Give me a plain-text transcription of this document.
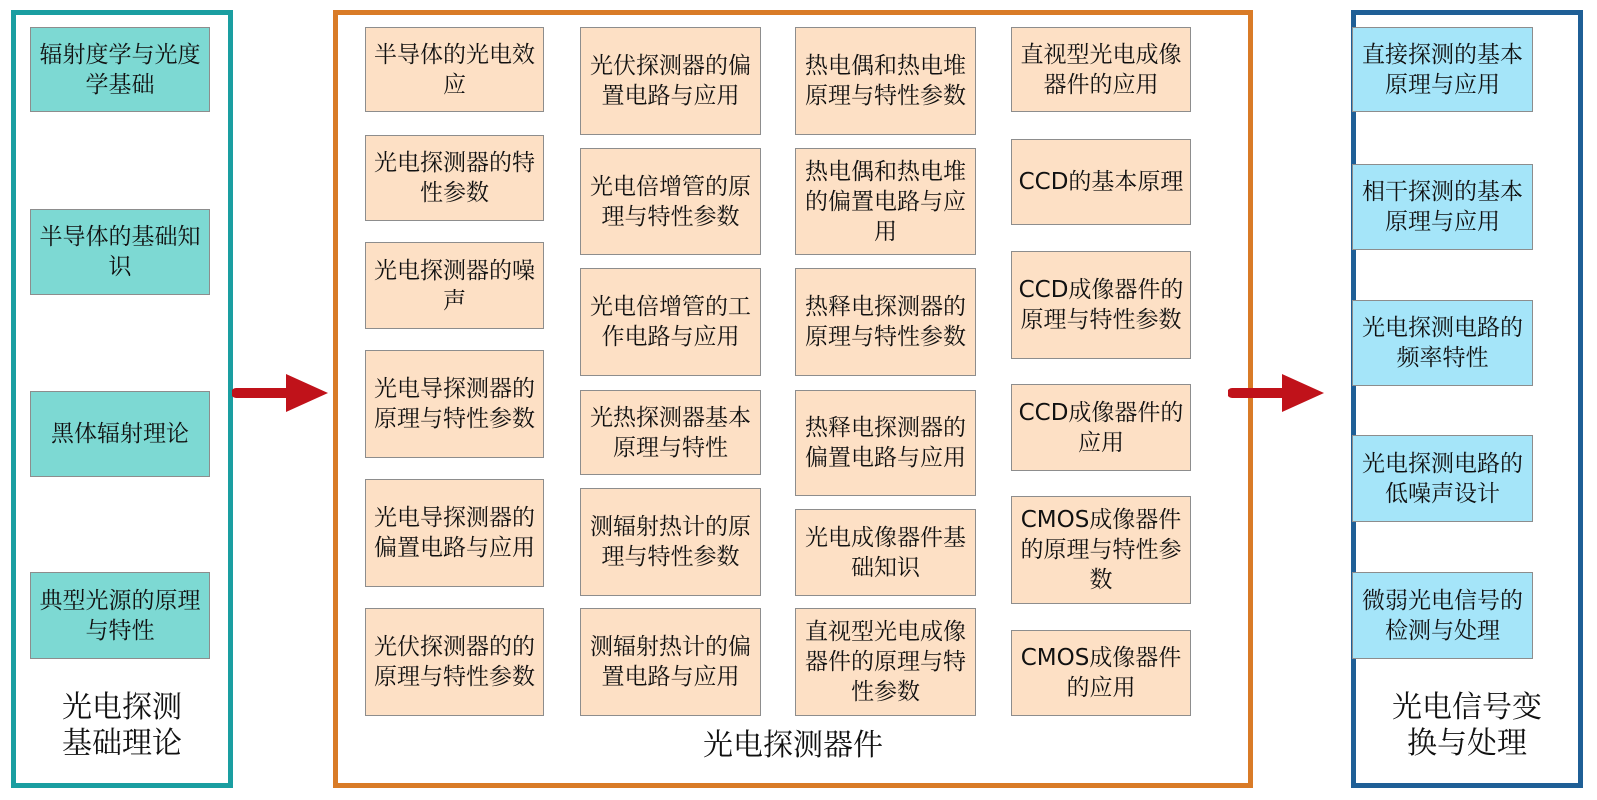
辐射度学与光度学基础
半导体的基础知识
黑体辐射理论
典型光源的原理与特性
光电探测
基础理论
半导体的光电效应
光电探测器的特性参数
光电探测器的噪声
光电导探测器的原理与特性参数
光电导探测器的偏置电路与应用
光伏探测器的的原理与特性参数
光伏探测器的偏置电路与应用
光电倍增管的原理与特性参数
光电倍增管的工作电路与应用
光热探测器基本原理与特性
测辐射热计的原理与特性参数
测辐射热计的偏置电路与应用
热电偶和热电堆原理与特性参数
热电偶和热电堆的偏置电路与应用
热释电探测器的原理与特性参数
热释电探测器的偏置电路与应用
光电成像器件基础知识
直视型光电成像器件的原理与特性参数
直视型光电成像器件的应用
CCD的基本原理
CCD成像器件的原理与特性参数
CCD成像器件的应用
CMOS成像器件的原理与特性参数
CMOS成像器件的应用
光电探测器件
直接探测的基本原理与应用
相干探测的基本原理与应用
光电探测电路的频率特性
光电探测电路的低噪声设计
微弱光电信号的检测与处理
光电信号变
换与处理
